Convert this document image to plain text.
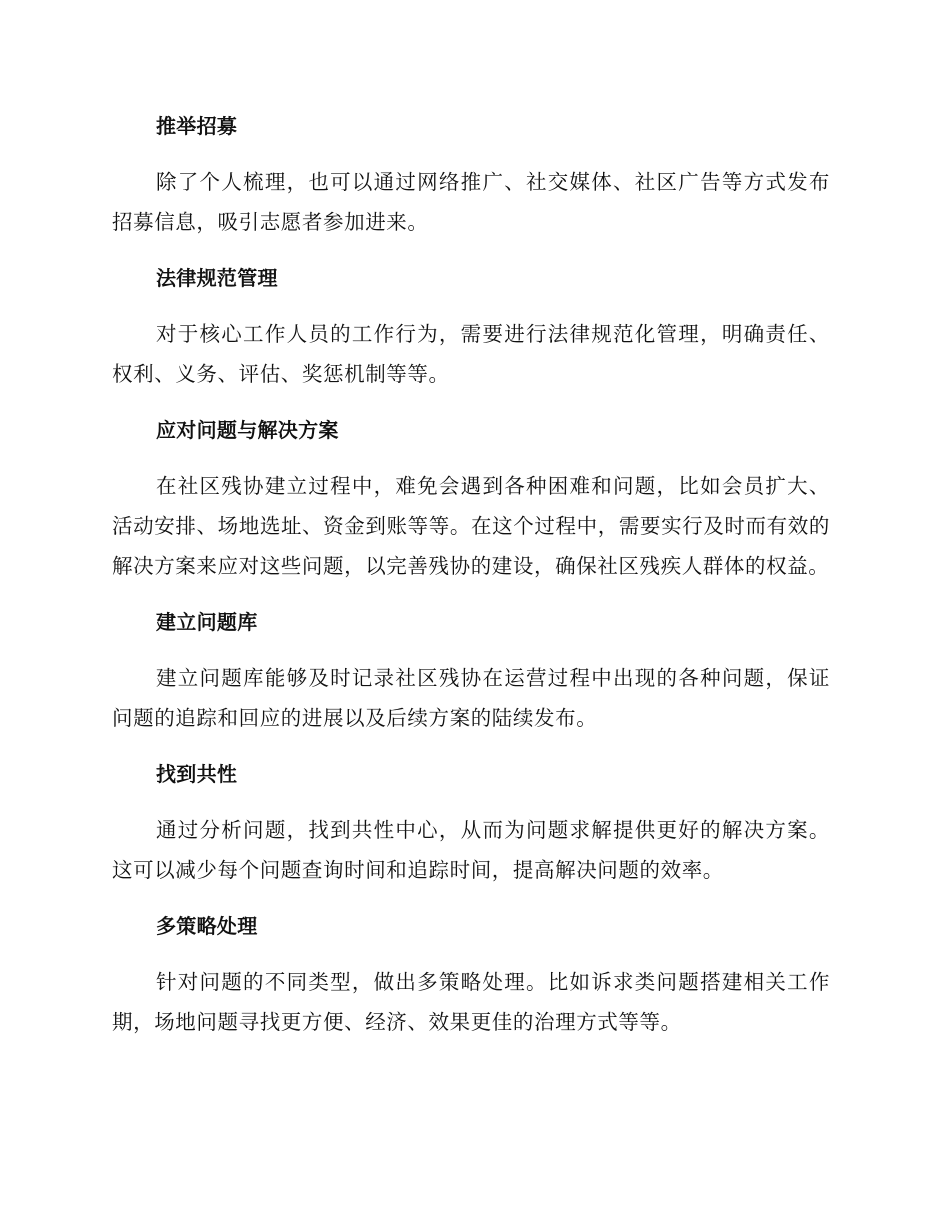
推举招募

除了个人梳理，也可以通过网络推广、社交媒体、社区广告等方式发布招募信息，吸引志愿者参加进来。

法律规范管理

对于核心工作人员的工作行为，需要进行法律规范化管理，明确责任、权利、义务、评估、奖惩机制等等。

应对问题与解决方案

在社区残协建立过程中，难免会遇到各种困难和问题，比如会员扩大、活动安排、场地选址、资金到账等等。在这个过程中，需要实行及时而有效的解决方案来应对这些问题，以完善残协的建设，确保社区残疾人群体的权益。

建立问题库

建立问题库能够及时记录社区残协在运营过程中出现的各种问题，保证问题的追踪和回应的进展以及后续方案的陆续发布。

找到共性

通过分析问题，找到共性中心，从而为问题求解提供更好的解决方案。这可以减少每个问题查询时间和追踪时间，提高解决问题的效率。

多策略处理

针对问题的不同类型，做出多策略处理。比如诉求类问题搭建相关工作期，场地问题寻找更方便、经济、效果更佳的治理方式等等。
